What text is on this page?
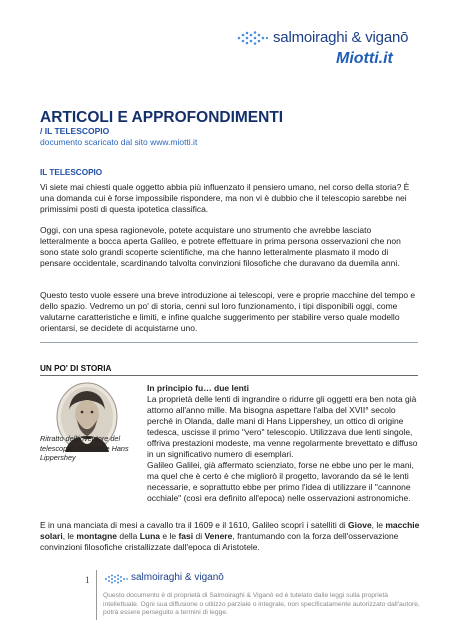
salmoiraghi & viganō
Miotti.it
ARTICOLI E APPROFONDIMENTI
/ IL TELESCOPIO
documento scaricato dal sito www.miotti.it
IL TELESCOPIO
Vi siete mai chiesti quale oggetto abbia più influenzato il pensiero umano, nel corso della storia? È una domanda cui è forse impossibile rispondere, ma non vi è dubbio che il telescopio sarebbe nei primissimi posti di questa ipotetica classifica.
Oggi, con una spesa ragionevole, potete acquistare uno strumento che avrebbe lasciato letteralmente a bocca aperta Galileo, e potrete effettuare in prima persona osservazioni che non sono state solo grandi scoperte scientifiche, ma che hanno letteralmente plasmato il modo di pensare occidentale, scardinando talvolta convinzioni filosofiche che duravano da duemila anni.
Questo testo vuole essere una breve introduzione ai telescopi, vere e proprie macchine del tempo e dello spazio. Vedremo un po' di storia, cenni sul loro funzionamento, i tipi disponibili oggi, come valutarne caratteristiche e limiti, e infine qualche suggerimento per stabilire verso quale modello orientarsi, se decidete di acquistarne uno.
UN PO' DI STORIA
Ritratto dell'inventore del telescopio, l'olandese Hans Lippershey
In principio fu… due lenti
La proprietà delle lenti di ingrandire o ridurre gli oggetti era ben nota già attorno all'anno mille. Ma bisogna aspettare l'alba del XVII° secolo perché in Olanda, dalle mani di Hans Lippershey, un ottico di origine tedesca, uscisse il primo "vero" telescopio. Utilizzava due lenti singole, offriva prestazioni modeste, ma venne regolarmente brevettato e diffuso in un significativo numero di esemplari.
Galileo Galilei, già affermato scienziato, forse ne ebbe uno per le mani, ma quel che è certo è che migliorò il progetto, lavorando da sé le lenti necessarie, e soprattutto ebbe per primo l'idea di utilizzare il "cannone occhiale" (così era definito all'epoca) nelle osservazioni astronomiche.
E in una manciata di mesi a cavallo tra il 1609 e il 1610, Galileo scoprì i satelliti di Giove, le macchie solari, le montagne della Luna e le fasi di Venere, frantumando con la forza dell'osservazione convinzioni filosofiche cristallizzate dall'epoca di Aristotele.
1	salmoiraghi & viganō
Questo documento è di proprietà di Salmoiraghi & Viganò ed è tutelato dalle leggi sulla proprietà intellettuale. Ogni sua diffusione o utilizzo parziale o integrale, non specificatamente autorizzato dall'autore, potrà essere perseguito a termini di legge.
